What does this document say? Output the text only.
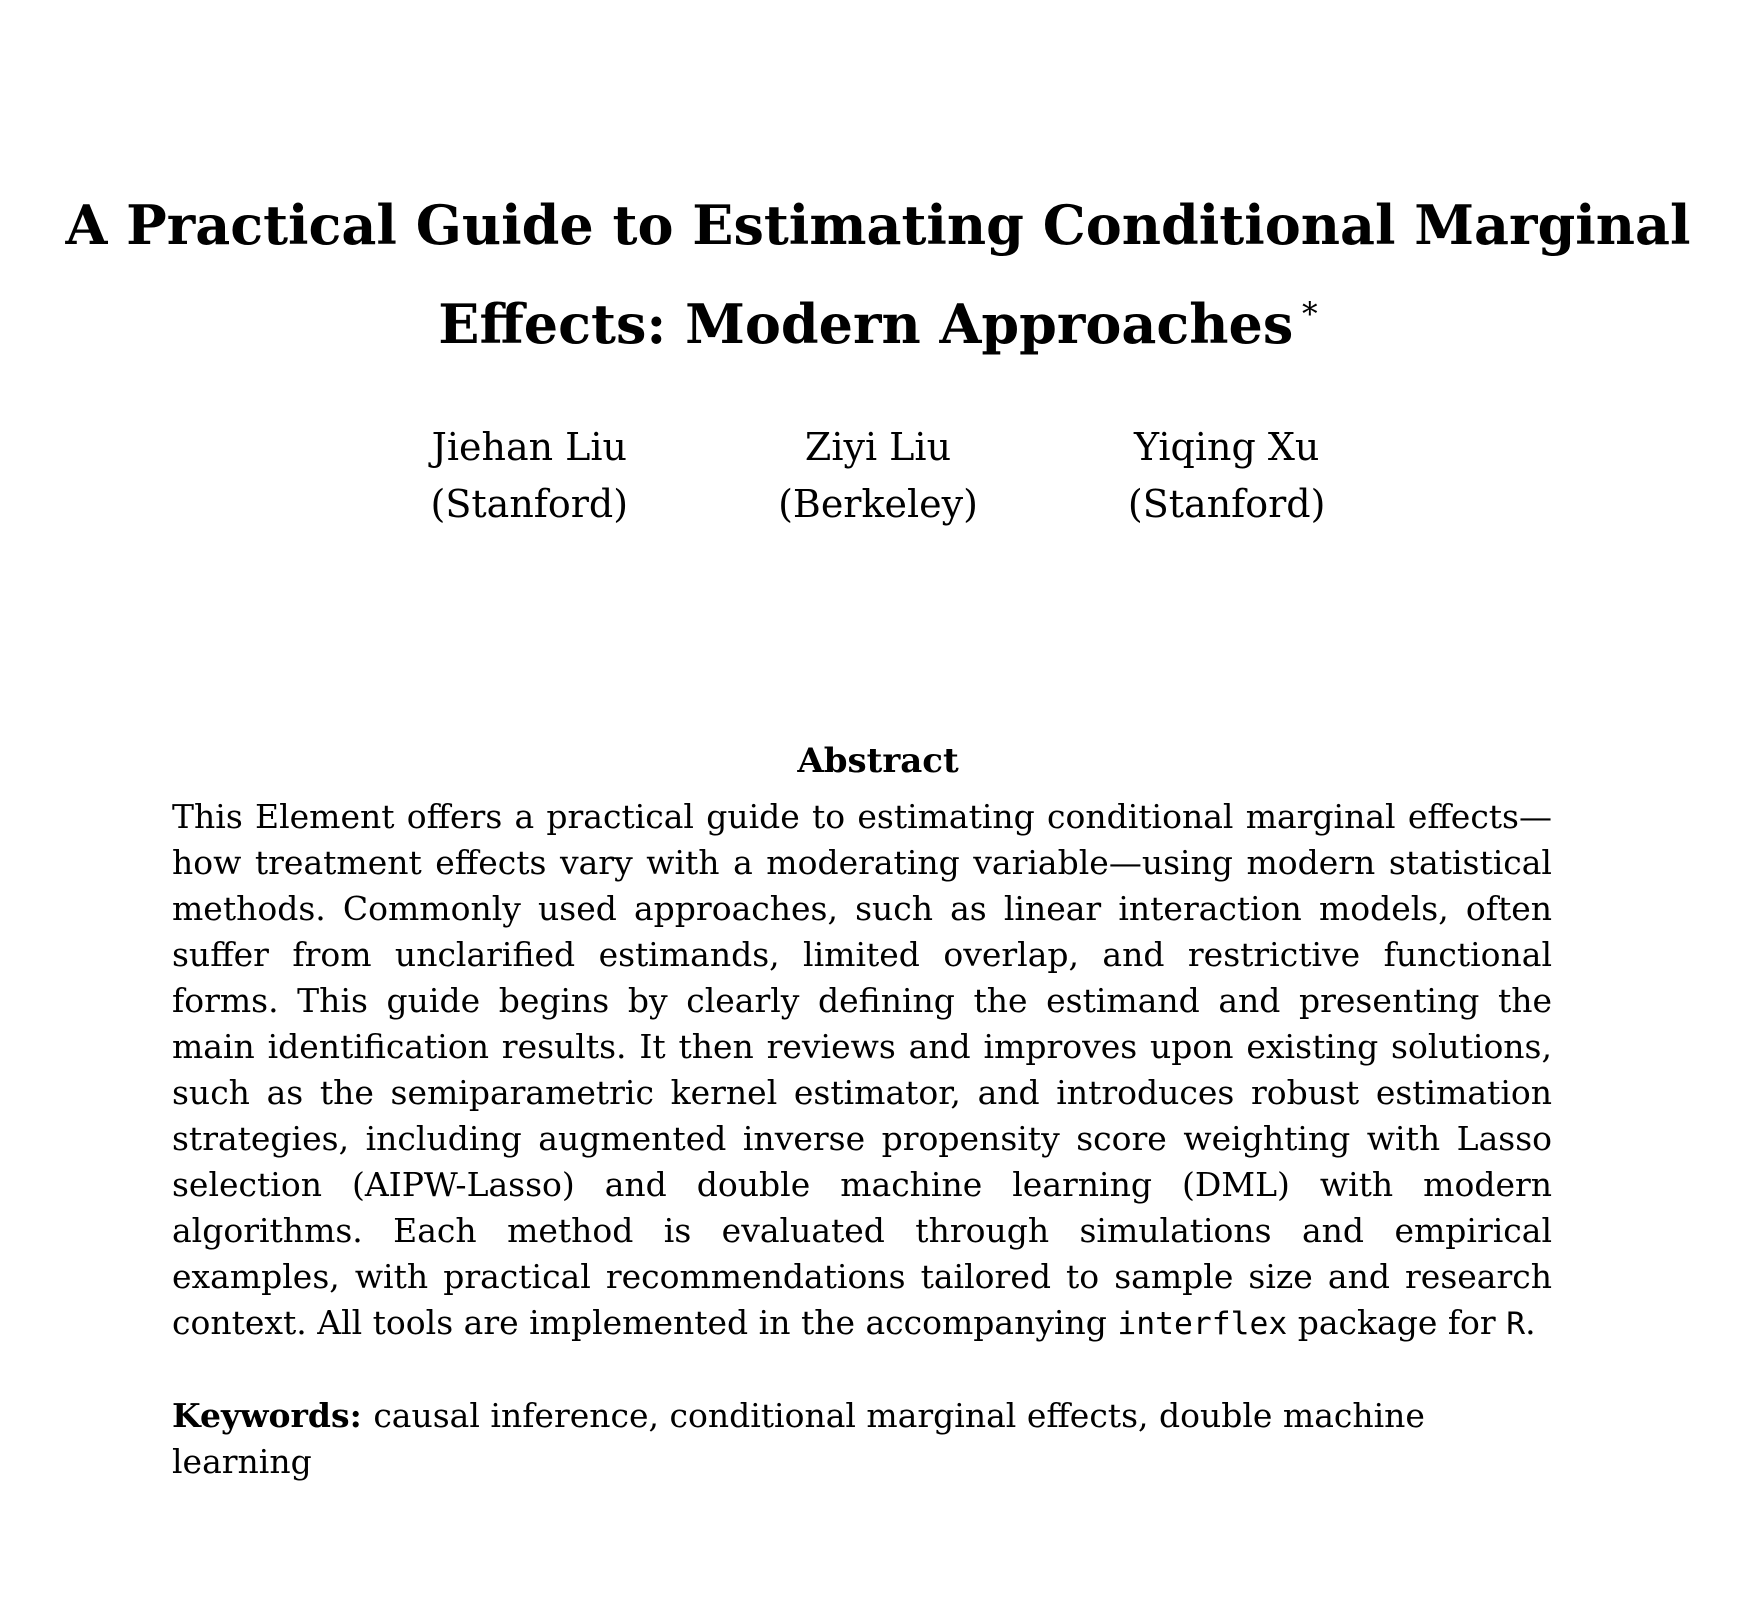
A Practical Guide to Estimating Conditional Marginal
Effects: Modern Approaches *
Jiehan Liu
(Stanford)
Ziyi Liu
(Berkeley)
Yiqing Xu
(Stanford)
Abstract

This Element offers a practical guide to estimating conditional marginal effects—how treatment effects vary with a moderating variable—using modern statistical methods. Commonly used approaches, such as linear interaction models, often suffer from unclarified estimands, limited overlap, and restrictive functional forms. This guide begins by clearly defining the estimand and presenting the main identification results. It then reviews and improves upon existing solutions, such as the semiparametric kernel estimator, and introduces robust estimation strategies, including augmented inverse propensity score weighting with Lasso selection (AIPW-Lasso) and double machine learning (DML) with modern algorithms. Each method is evaluated through simulations and empirical examples, with practical recommendations tailored to sample size and research context. All tools are implemented in the accompanying interflex package for R.

Keywords: causal inference, conditional marginal effects, double machine learning
